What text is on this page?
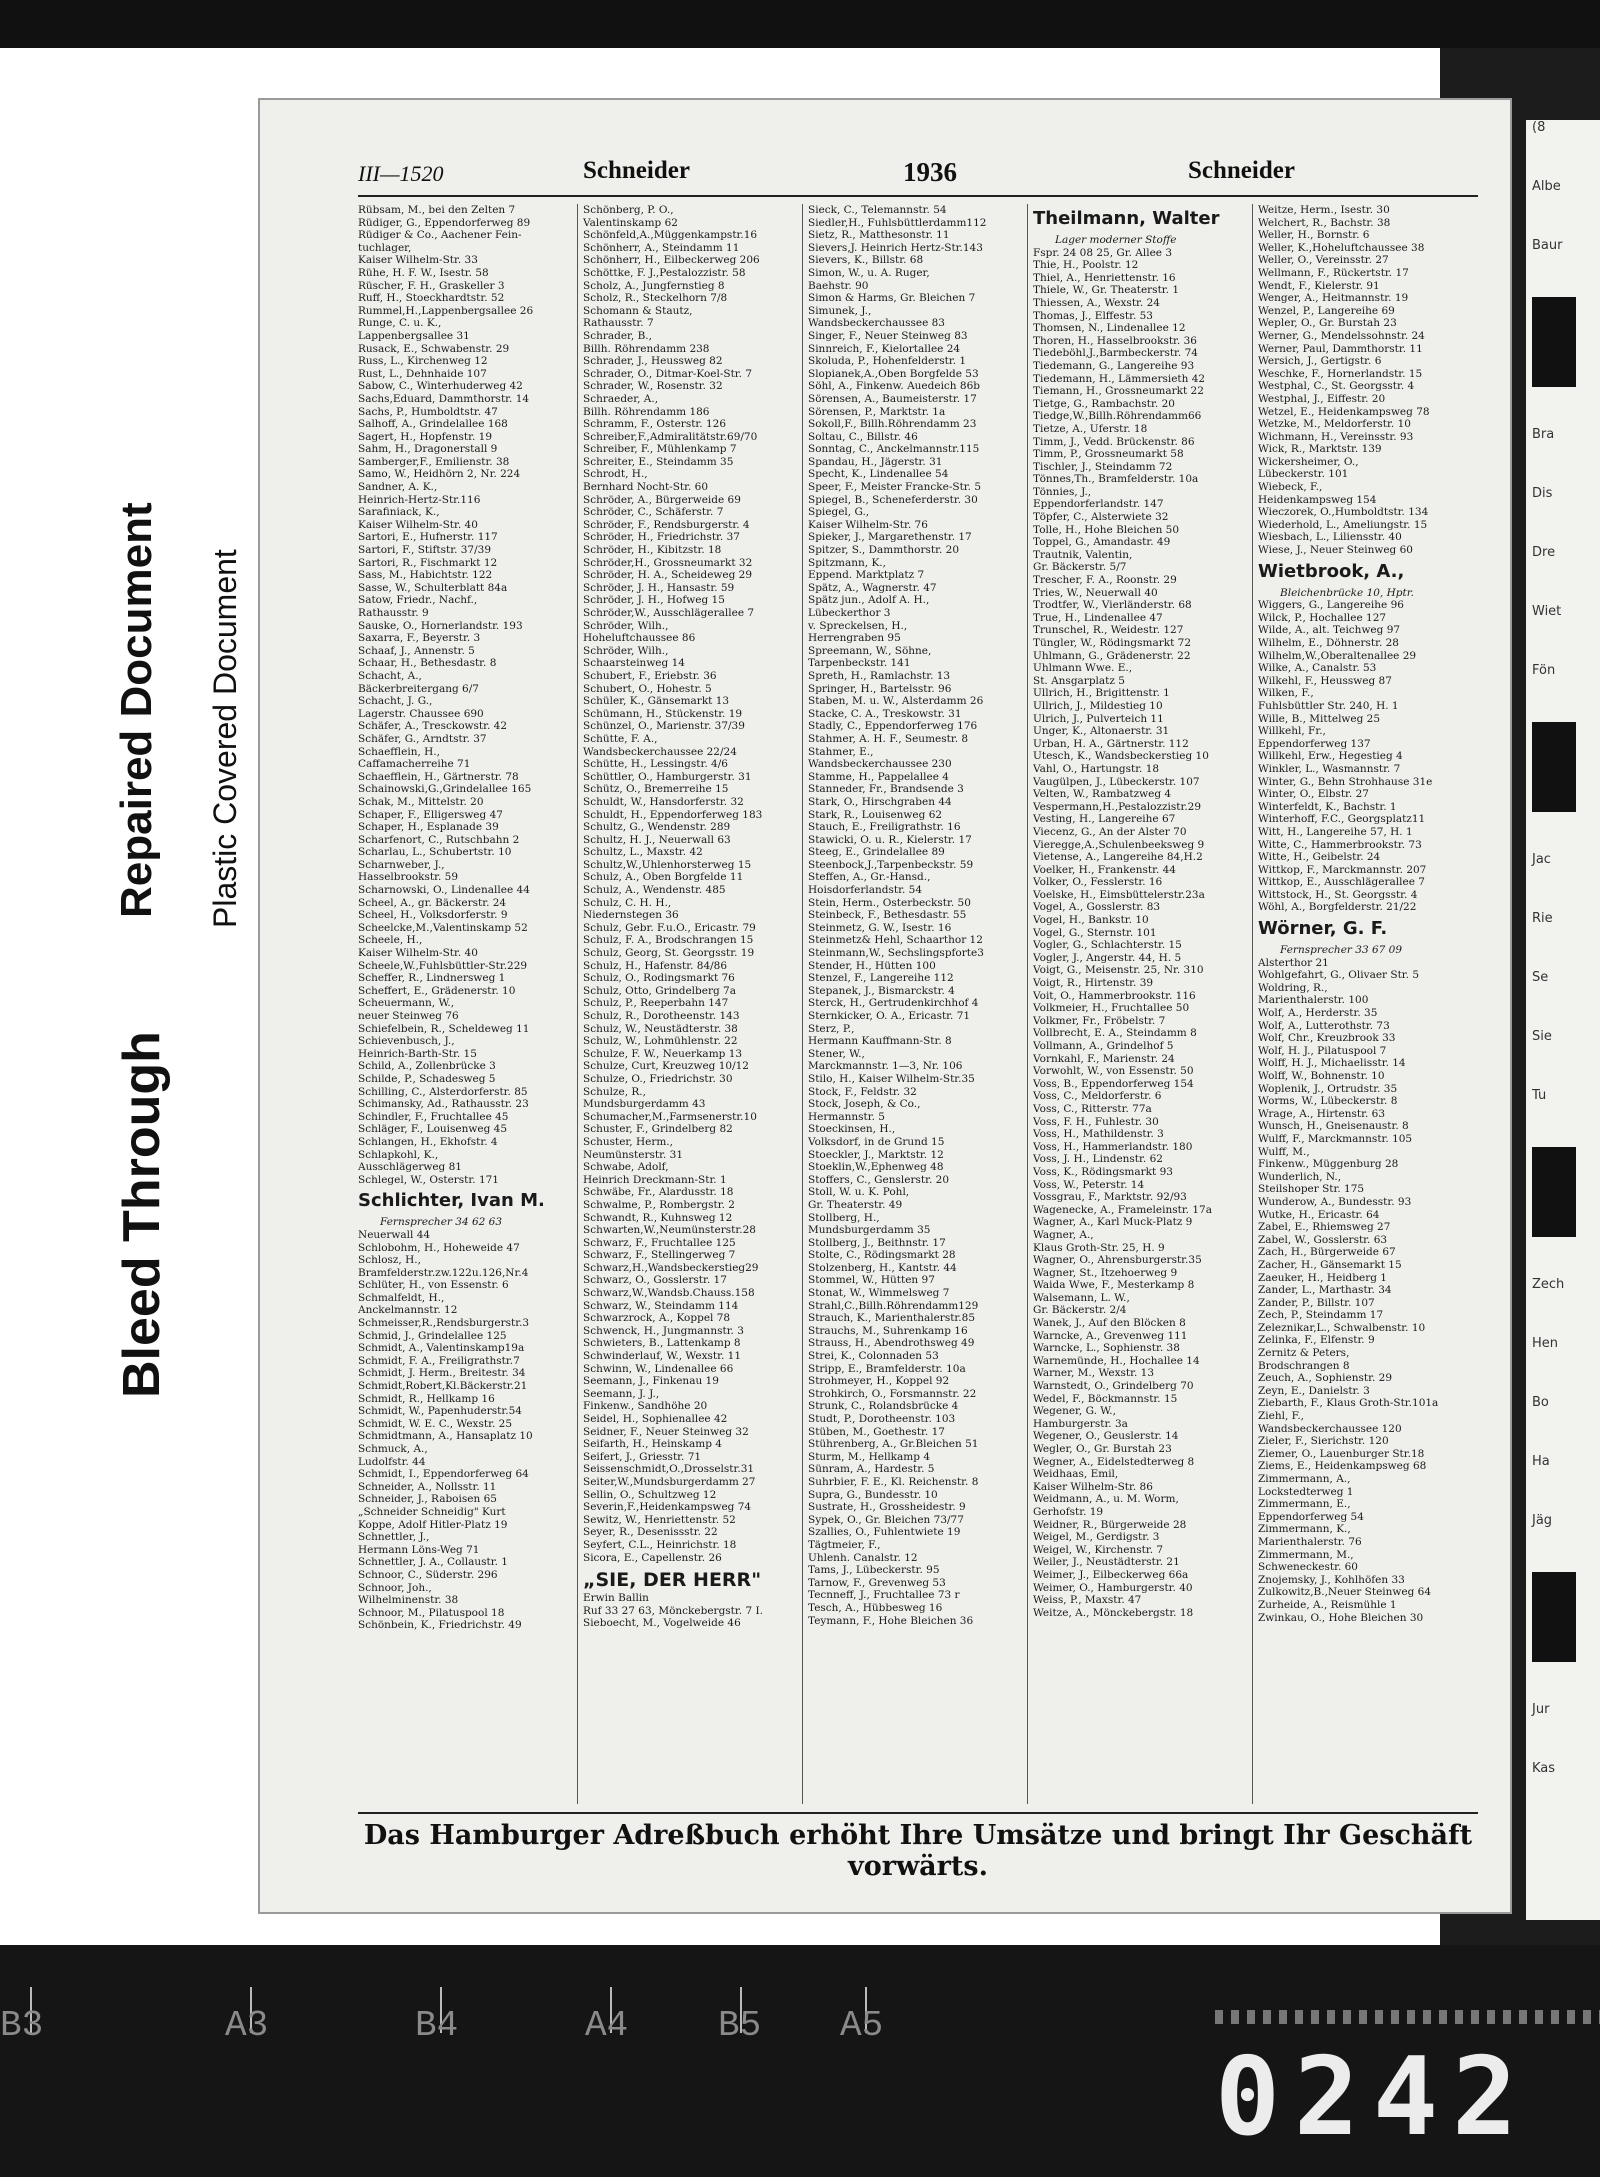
(8
Albe
Baur
Bra
Dis
Dre
Wiet
Fön
Jac
Rie
Se
Sie
Tu
Zech
Hen
Bo
Ha
Jäg
Jur
Kas
Bleed Through
Repaired Document Plastic Covered Document
III—1520	Schneider	1936	Schneider
Rübsam, M., bei den Zelten 7
Rüdiger, G., Eppendorferweg 89
Rüdiger & Co., Aachener Fein-
tuchlager,
Kaiser Wilhelm-Str. 33
Rühe, H. F. W., Isestr. 58
Rüscher, F. H., Graskeller 3
Ruff, H., Stoeckhardtstr. 52
Rummel,H.,Lappenbergsallee 26
Runge, C. u. K.,
Lappenbergsallee 31
Rusack, E., Schwabenstr. 29
Russ, L., Kirchenweg 12
Rust, L., Dehnhaide 107
Sabow, C., Winterhuderweg 42
Sachs,Eduard, Dammthorstr. 14
Sachs, P., Humboldtstr. 47
Salhoff, A., Grindelallee 168
Sagert, H., Hopfenstr. 19
Sahm, H., Dragonerstall 9
Samberger,F., Emilienstr. 38
Samo, W., Heidhörn 2, Nr. 224
Sandner, A. K.,
Heinrich-Hertz-Str.116
Sarafiniack, K.,
Kaiser Wilhelm-Str. 40
Sartori, E., Hufnerstr. 117
Sartori, F., Stiftstr. 37/39
Sartori, R., Fischmarkt 12
Sass, M., Habichtstr. 122
Sasse, W., Schulterblatt 84a
Satow, Friedr., Nachf.,
Rathausstr. 9
Sauske, O., Hornerlandstr. 193
Saxarra, F., Beyerstr. 3
Schaaf, J., Annenstr. 5
Schaar, H., Bethesdastr. 8
Schacht, A.,
Bäckerbreitergang 6/7
Schacht, J. G.,
Lagerstr. Chaussee 690
Schäfer, A., Tresckowstr. 42
Schäfer, G., Arndtstr. 37
Schaefflein, H.,
Caffamacherreihe 71
Schaefflein, H., Gärtnerstr. 78
Schainowski,G.,Grindelallee 165
Schak, M., Mittelstr. 20
Schaper, F., Elligersweg 47
Schaper, H., Esplanade 39
Scharfenort, C., Rutschbahn 2
Scharlau, L., Schubertstr. 10
Scharnweber, J.,
Hasselbrookstr. 59
Scharnowski, O., Lindenallee 44
Scheel, A., gr. Bäckerstr. 24
Scheel, H., Volksdorferstr. 9
Scheelcke,M.,Valentinskamp 52
Scheele, H.,
Kaiser Wilhelm-Str. 40
Scheele,W.,Fuhlsbüttler-Str.229
Scheffer, R., Lindnersweg 1
Scheffert, E., Grädenerstr. 10
Scheuermann, W.,
neuer Steinweg 76
Schiefelbein, R., Scheldeweg 11
Schievenbusch, J.,
Heinrich-Barth-Str. 15
Schild, A., Zollenbrücke 3
Schilde, P., Schadesweg 5
Schilling, C., Alsterdorferstr. 85
Schimansky, Ad., Rathausstr. 23
Schindler, F., Fruchtallee 45
Schläger, F., Louisenweg 45
Schlangen, H., Ekhofstr. 4
Schlapkohl, K.,
Ausschlägerweg 81
Schlegel, W., Osterstr. 171
Schlichter, Ivan M.
Fernsprecher 34 62 63
Neuerwall 44
Schlobohm, H., Hoheweide 47
Schlosz, H.,
Bramfelderstr.zw.122u.126,Nr.4
Schlüter, H., von Essenstr. 6
Schmalfeldt, H.,
Anckelmannstr. 12
Schmeisser,R.,Rendsburgerstr.3
Schmid, J., Grindelallee 125
Schmidt, A., Valentinskamp19a
Schmidt, F. A., Freiligrathstr.7
Schmidt, J. Herm., Breitestr. 34
Schmidt,Robert,Kl.Bäckerstr.21
Schmidt, R., Hellkamp 16
Schmidt, W., Papenhuderstr.54
Schmidt, W. E. C., Wexstr. 25
Schmidtmann, A., Hansaplatz 10
Schmuck, A.,
Ludolfstr. 44
Schmidt, I., Eppendorferweg 64
Schneider, A., Nollsstr. 11
Schneider, J., Raboisen 65
„Schneider Schneidig" Kurt
Koppe, Adolf Hitler-Platz 19
Schnettler, J.,
Hermann Löns-Weg 71
Schnettler, J. A., Collaustr. 1
Schnoor, C., Süderstr. 296
Schnoor, Joh.,
Wilhelminenstr. 38
Schnoor, M., Pilatuspool 18
Schönbein, K., Friedrichstr. 49
Schönberg, P. O.,
Valentinskamp 62
Schönfeld,A.,Müggenkampstr.16
Schönherr, A., Steindamm 11
Schönherr, H., Eilbeckerweg 206
Schöttke, F. J.,Pestalozzistr. 58
Scholz, A., Jungfernstieg 8
Scholz, R., Steckelhorn 7/8
Schomann & Stautz,
Rathausstr. 7
Schrader, B.,
Billh. Röhrendamm 238
Schrader, J., Heussweg 82
Schrader, O., Ditmar-Koel-Str. 7
Schrader, W., Rosenstr. 32
Schraeder, A.,
Billh. Röhrendamm 186
Schramm, F., Osterstr. 126
Schreiber,F.,Admiralitätstr.69/70
Schreiber, F., Mühlenkamp 7
Schreiter, E., Steindamm 35
Schrodt, H.,
Bernhard Nocht-Str. 60
Schröder, A., Bürgerweide 69
Schröder, C., Schäferstr. 7
Schröder, F., Rendsburgerstr. 4
Schröder, H., Friedrichstr. 37
Schröder, H., Kibitzstr. 18
Schröder,H., Grossneumarkt 32
Schröder, H. A., Scheideweg 29
Schröder, J. H., Hansastr. 59
Schröder, J. H., Hofweg 15
Schröder,W., Ausschlägerallee 7
Schröder, Wilh.,
Hoheluftchaussee 86
Schröder, Wilh.,
Schaarsteinweg 14
Schubert, F., Eriebstr. 36
Schubert, O., Hohestr. 5
Schüler, K., Gänsemarkt 13
Schümann, H., Stückenstr. 19
Schünzel, O., Marienstr. 37/39
Schütte, F. A.,
Wandsbeckerchaussee 22/24
Schütte, H., Lessingstr. 4/6
Schüttler, O., Hamburgerstr. 31
Schütz, O., Bremerreihe 15
Schuldt, W., Hansdorferstr. 32
Schuldt, H., Eppendorferweg 183
Schultz, G., Wendenstr. 289
Schultz, H. J., Neuerwall 63
Schultz, L., Maxstr. 42
Schultz,W.,Uhlenhorsterweg 15
Schulz, A., Oben Borgfelde 11
Schulz, A., Wendenstr. 485
Schulz, C. H. H.,
Niedernstegen 36
Schulz, Gebr. F.u.O., Ericastr. 79
Schulz, F. A., Brodschrangen 15
Schulz, Georg, St. Georgsstr. 19
Schulz, H., Hafenstr. 84/86
Schulz, O., Rodingsmarkt 76
Schulz, Otto, Grindelberg 7a
Schulz, P., Reeperbahn 147
Schulz, R., Dorotheenstr. 143
Schulz, W., Neustädterstr. 38
Schulz, W., Lohmühlenstr. 22
Schulze, F. W., Neuerkamp 13
Schulze, Curt, Kreuzweg 10/12
Schulze, O., Friedrichstr. 30
Schulze, R.,
Mundsburgerdamm 43
Schumacher,M.,Farmsenerstr.10
Schuster, F., Grindelberg 82
Schuster, Herm.,
Neumünsterstr. 31
Schwabe, Adolf,
Heinrich Dreckmann-Str. 1
Schwäbe, Fr., Alardusstr. 18
Schwalme, P., Rombergstr. 2
Schwandt, R., Kuhnsweg 12
Schwarten,W.,Neumünsterstr.28
Schwarz, F., Fruchtallee 125
Schwarz, F., Stellingerweg 7
Schwarz,H.,Wandsbeckerstieg29
Schwarz, O., Gosslerstr. 17
Schwarz,W.,Wandsb.Chauss.158
Schwarz, W., Steindamm 114
Schwarzrock, A., Koppel 78
Schwenck, H., Jungmannstr. 3
Schwieters, B., Lattenkamp 8
Schwinderlauf, W., Wexstr. 11
Schwinn, W., Lindenallee 66
Seemann, J., Finkenau 19
Seemann, J. J.,
Finkenw., Sandhöhe 20
Seidel, H., Sophienallee 42
Seidner, F., Neuer Steinweg 32
Seifarth, H., Heinskamp 4
Seifert, J., Griesstr. 71
Seissenschmidt,O.,Drosselstr.31
Seiter,W.,Mundsburgerdamm 27
Sellin, O., Schultzweg 12
Severin,F.,Heidenkampsweg 74
Sewitz, W., Henriettenstr. 52
Seyer, R., Desenissstr. 22
Seyfert, C.L., Heinrichstr. 18
Sicora, E., Capellenstr. 26
„SIE, DER HERR"
Erwin Ballin
Ruf 33 27 63, Mönckebergstr. 7 I.
Sieboecht, M., Vogelweide 46
Sieck, C., Telemannstr. 54
Siedler,H., Fuhlsbüttlerdamm112
Sietz, R., Matthesonstr. 11
Sievers,J. Heinrich Hertz-Str.143
Sievers, K., Billstr. 68
Simon, W., u. A. Ruger,
Baehstr. 90
Simon & Harms, Gr. Bleichen 7
Simunek, J.,
Wandsbeckerchaussee 83
Singer, F., Neuer Steinweg 83
Sinnreich, F., Kielortallee 24
Skoluda, P., Hohenfelderstr. 1
Slopianek,A.,Oben Borgfelde 53
Söhl, A., Finkenw. Auedeich 86b
Sörensen, A., Baumeisterstr. 17
Sörensen, P., Marktstr. 1a
Sokoll,F., Billh.Röhrendamm 23
Soltau, C., Billstr. 46
Sonntag, C., Anckelmannstr.115
Spandau, H., Jägerstr. 31
Specht, K., Lindenallee 54
Speer, F., Meister Francke-Str. 5
Spiegel, B., Scheneferderstr. 30
Spiegel, G.,
Kaiser Wilhelm-Str. 76
Spieker, J., Margarethenstr. 17
Spitzer, S., Dammthorstr. 20
Spitzmann, K.,
Eppend. Marktplatz 7
Spätz, A., Wagnerstr. 47
Spätz jun., Adolf A. H.,
Lübeckerthor 3
v. Spreckelsen, H.,
Herrengraben 95
Spreemann, W., Söhne,
Tarpenbeckstr. 141
Spreth, H., Ramlachstr. 13
Springer, H., Bartelsstr. 96
Staben, M. u. W., Alsterdamm 26
Stacke, C. A., Treskowstr. 31
Stadly, C., Eppendorferweg 176
Stahmer, A. H. F., Seumestr. 8
Stahmer, E.,
Wandsbeckerchaussee 230
Stamme, H., Pappelallee 4
Stanneder, Fr., Brandsende 3
Stark, O., Hirschgraben 44
Stark, R., Louisenweg 62
Stauch, E., Freiligrathstr. 16
Stawicki, O. u. R., Kielerstr. 17
Steeg, E., Grindelallee 89
Steenbock,J.,Tarpenbeckstr. 59
Steffen, A., Gr.-Hansd.,
Hoisdorferlandstr. 54
Stein, Herm., Osterbeckstr. 50
Steinbeck, F., Bethesdastr. 55
Steinmetz, G. W., Isestr. 16
Steinmetz& Hehl, Schaarthor 12
Steinmann,W., Sechslingspforte3
Stender, H., Hütten 100
Stenzel, F., Langereihe 112
Stepanek, J., Bismarckstr. 4
Sterck, H., Gertrudenkirchhof 4
Sternkicker, O. A., Ericastr. 71
Sterz, P.,
Hermann Kauffmann-Str. 8
Stener, W.,
Marckmannstr. 1—3, Nr. 106
Stilo, H., Kaiser Wilhelm-Str.35
Stock, F., Feldstr. 32
Stock, Joseph, & Co.,
Hermannstr. 5
Stoeckinsen, H.,
Volksdorf, in de Grund 15
Stoeckler, J., Marktstr. 12
Stoeklin,W.,Ephenweg 48
Stoffers, C., Genslerstr. 20
Stoll, W. u. K. Pohl,
Gr. Theaterstr. 49
Stollberg, H.,
Mundsburgerdamm 35
Stollberg, J., Beithnstr. 17
Stolte, C., Rödingsmarkt 28
Stolzenberg, H., Kantstr. 44
Stommel, W., Hütten 97
Stonat, W., Wimmelsweg 7
Strahl,C.,Billh.Röhrendamm129
Strauch, K., Marienthalerstr.85
Strauchs, M., Suhrenkamp 16
Strauss, H., Abendrothsweg 49
Strei, K., Colonnaden 53
Stripp, E., Bramfelderstr. 10a
Strohmeyer, H., Koppel 92
Strohkirch, O., Forsmannstr. 22
Strunk, C., Rolandsbrücke 4
Studt, P., Dorotheenstr. 103
Stüben, M., Goethestr. 17
Stührenberg, A., Gr.Bleichen 51
Sturm, M., Hellkamp 4
Sünram, A., Hardestr. 5
Suhrbier, F. E., Kl. Reichenstr. 8
Supra, G., Bundesstr. 10
Sustrate, H., Grossheidestr. 9
Sypek, O., Gr. Bleichen 73/77
Szallies, O., Fuhlentwiete 19
Tägtmeier, F.,
Uhlenh. Canalstr. 12
Tams, J., Lübeckerstr. 95
Tarnow, F., Grevenweg 53
Tecnneff, J., Fruchtallee 73 r
Tesch, A., Hübbesweg 16
Teymann, F., Hohe Bleichen 36
Theilmann, Walter
Lager moderner Stoffe
Fspr. 24 08 25, Gr. Allee 3
Thie, H., Poolstr. 12
Thiel, A., Henriettenstr. 16
Thiele, W., Gr. Theaterstr. 1
Thiessen, A., Wexstr. 24
Thomas, J., Elffestr. 53
Thomsen, N., Lindenallee 12
Thoren, H., Hasselbrookstr. 36
Tiedeböhl,J.,Barmbeckerstr. 74
Tiedemann, G., Langereihe 93
Tiedemann, H., Lämmersieth 42
Tiemann, H., Grossneumarkt 22
Tietge, G., Rambachstr. 20
Tiedge,W.,Billh.Röhrendamm66
Tietze, A., Uferstr. 18
Timm, J., Vedd. Brückenstr. 86
Timm, P., Grossneumarkt 58
Tischler, J., Steindamm 72
Tönnes,Th., Bramfelderstr. 10a
Tönnies, J.,
Eppendorferlandstr. 147
Töpfer, C., Alsterwiete 32
Tolle, H., Hohe Bleichen 50
Toppel, G., Amandastr. 49
Trautnik, Valentin,
Gr. Bäckerstr. 5/7
Trescher, F. A., Roonstr. 29
Tries, W., Neuerwall 40
Trodtfer, W., Vierländerstr. 68
True, H., Lindenallee 47
Trunschel, R., Weidestr. 127
Tüngler, W., Rödingsmarkt 72
Uhlmann, G., Grädenerstr. 22
Uhlmann Wwe. E.,
St. Ansgarplatz 5
Ullrich, H., Brigittenstr. 1
Ullrich, J., Mildestieg 10
Ulrich, J., Pulverteich 11
Unger, K., Altonaerstr. 31
Urban, H. A., Gärtnerstr. 112
Utesch, K., Wandsbeckerstieg 10
Vahl, O., Hartungstr. 18
Vaugülpen, J., Lübeckerstr. 107
Velten, W., Rambatzweg 4
Vespermann,H.,Pestalozzistr.29
Vesting, H., Langereihe 67
Viecenz, G., An der Alster 70
Vieregge,A.,Schulenbeeksweg 9
Vietense, A., Langereihe 84,H.2
Voelker, H., Frankenstr. 44
Volker, O., Fesslerstr. 16
Voelske, H., Eimsbüttelerstr.23a
Vogel, A., Gosslerstr. 83
Vogel, H., Bankstr. 10
Vogel, G., Sternstr. 101
Vogler, G., Schlachterstr. 15
Vogler, J., Angerstr. 44, H. 5
Voigt, G., Meisenstr. 25, Nr. 310
Voigt, R., Hirtenstr. 39
Voit, O., Hammerbrookstr. 116
Volkmeier, H., Fruchtallee 50
Volkmer, Fr., Fröbelstr. 7
Vollbrecht, E. A., Steindamm 8
Vollmann, A., Grindelhof 5
Vornkahl, F., Marienstr. 24
Vorwohlt, W., von Essenstr. 50
Voss, B., Eppendorferweg 154
Voss, C., Meldorferstr. 6
Voss, C., Ritterstr. 77a
Voss, F. H., Fuhlestr. 30
Voss, H., Mathildenstr. 3
Voss, H., Hammerlandstr. 180
Voss, J. H., Lindenstr. 62
Voss, K., Rödingsmarkt 93
Voss, W., Peterstr. 14
Vossgrau, F., Marktstr. 92/93
Wagenecke, A., Frameleinstr. 17a
Wagner, A., Karl Muck-Platz 9
Wagner, A.,
Klaus Groth-Str. 25, H. 9
Wagner, O., Ahrensburgerstr.35
Wagner, St., Itzehoerweg 9
Waida Wwe, F., Mesterkamp 8
Walsemann, L. W.,
Gr. Bäckerstr. 2/4
Wanek, J., Auf den Blöcken 8
Warncke, A., Grevenweg 111
Warncke, L., Sophienstr. 38
Warnemünde, H., Hochallee 14
Warner, M., Wexstr. 13
Warnstedt, O., Grindelberg 70
Wedel, F., Böckmannstr. 15
Wegener, G. W.,
Hamburgerstr. 3a
Wegener, O., Geuslerstr. 14
Wegler, O., Gr. Burstah 23
Wegner, A., Eidelstedterweg 8
Weidhaas, Emil,
Kaiser Wilhelm-Str. 86
Weidmann, A., u. M. Worm,
Gerhofstr. 19
Weidner, R., Bürgerweide 28
Weigel, M., Gerdigstr. 3
Weigel, W., Kirchenstr. 7
Weiler, J., Neustädterstr. 21
Weimer, J., Eilbeckerweg 66a
Weimer, O., Hamburgerstr. 40
Weiss, P., Maxstr. 47
Weitze, A., Mönckebergstr. 18
Weitze, Herm., Isestr. 30
Welchert, R., Bachstr. 38
Weller, H., Bornstr. 6
Weller, K.,Hoheluftchaussee 38
Weller, O., Vereinsstr. 27
Wellmann, F., Rückertstr. 17
Wendt, F., Kielerstr. 91
Wenger, A., Heitmannstr. 19
Wenzel, P., Langereihe 69
Wepler, O., Gr. Burstah 23
Werner, G., Mendelssohnstr. 24
Werner, Paul, Dammthorstr. 11
Wersich, J., Gertigstr. 6
Weschke, F., Hornerlandstr. 15
Westphal, C., St. Georgsstr. 4
Westphal, J., Eiffestr. 20
Wetzel, E., Heidenkampsweg 78
Wetzke, M., Meldorferstr. 10
Wichmann, H., Vereinsstr. 93
Wick, R., Marktstr. 139
Wickersheimer, O.,
Lübeckerstr. 101
Wiebeck, F.,
Heidenkampsweg 154
Wieczorek, O.,Humboldtstr. 134
Wiederhold, L., Ameliungstr. 15
Wiesbach, L., Liliensstr. 40
Wiese, J., Neuer Steinweg 60
Wietbrook, A.,
Bleichenbrücke 10, Hptr.
Wiggers, G., Langereihe 96
Wilck, P., Hochallee 127
Wilde, A., alt. Teichweg 97
Wilhelm, E., Döhnerstr. 28
Wilhelm,W.,Oberaltenallee 29
Wilke, A., Canalstr. 53
Wilkehl, F., Heussweg 87
Wilken, F.,
Fuhlsbüttler Str. 240, H. 1
Wille, B., Mittelweg 25
Willkehl, Fr.,
Eppendorferweg 137
Willkehl, Erw., Hegestieg 4
Winkler, L., Wasmannstr. 7
Winter, G., Behn Strohhause 31e
Winter, O., Elbstr. 27
Winterfeldt, K., Bachstr. 1
Winterhoff, F.C., Georgsplatz11
Witt, H., Langereihe 57, H. 1
Witte, C., Hammerbrookstr. 73
Witte, H., Geibelstr. 24
Wittkop, F., Marckmannstr. 207
Wittkop, E., Ausschlägerallee 7
Wittstock, H., St. Georgsstr. 4
Wöhl, A., Borgfelderstr. 21/22
Wörner, G. F.
Fernsprecher 33 67 09
Alsterthor 21
Wohlgefahrt, G., Olivaer Str. 5
Woldring, R.,
Marienthalerstr. 100
Wolf, A., Herderstr. 35
Wolf, A., Lutterothstr. 73
Wolf, Chr., Kreuzbrook 33
Wolf, H. J., Pilatuspool 7
Wolff, H. J., Michaelisstr. 14
Wolff, W., Bohnenstr. 10
Woplenik, J., Ortrudstr. 35
Worms, W., Lübeckerstr. 8
Wrage, A., Hirtenstr. 63
Wunsch, H., Gneisenaustr. 8
Wulff, F., Marckmannstr. 105
Wulff, M.,
Finkenw., Müggenburg 28
Wunderlich, N.,
Steilshoper Str. 175
Wunderow, A., Bundesstr. 93
Wutke, H., Ericastr. 64
Zabel, E., Rhiemsweg 27
Zabel, W., Gosslerstr. 63
Zach, H., Bürgerweide 67
Zacher, H., Gänsemarkt 15
Zaeuker, H., Heidberg 1
Zander, L., Marthastr. 34
Zander, P., Billstr. 107
Zech, P., Steindamm 17
Zeleznikar,L., Schwalbenstr. 10
Zelinka, F., Elfenstr. 9
Zernitz & Peters,
Brodschrangen 8
Zeuch, A., Sophienstr. 29
Zeyn, E., Danielstr. 3
Ziebarth, F., Klaus Groth-Str.101a
Ziehl, F.,
Wandsbeckerchaussee 120
Zieler, F., Sierichstr. 120
Ziemer, O., Lauenburger Str.18
Ziems, E., Heidenkampsweg 68
Zimmermann, A.,
Lockstedterweg 1
Zimmermann, E.,
Eppendorferweg 54
Zimmermann, K.,
Marienthalerstr. 76
Zimmermann, M.,
Schweneckestr. 60
Znojemsky, J., Kohlhöfen 33
Zulkowitz,B.,Neuer Steinweg 64
Zurheide, A., Reismühle 1
Zwinkau, O., Hohe Bleichen 30
Das Hamburger Adreßbuch erhöht Ihre Umsätze und bringt Ihr Geschäft vorwärts.
B3	A3	B4	A4 B5 A5
0242
